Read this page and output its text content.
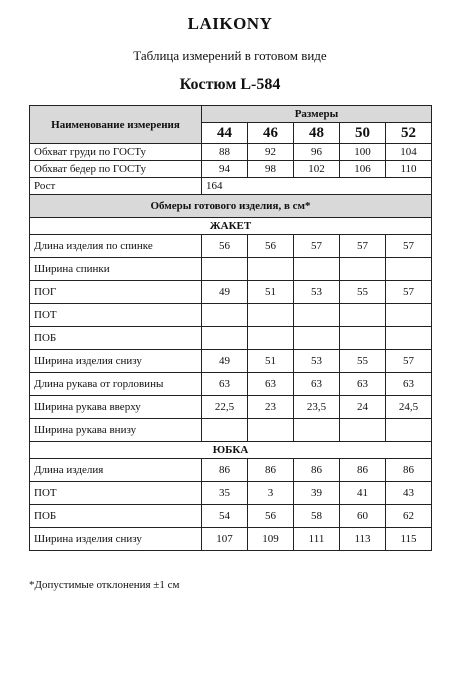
LAIKONY
Таблица измерений в готовом виде
Костюм L-584
Наименование измерения	Размеры				
	44	46	48	50	52
Обхват груди по ГОСТу	88	92	96	100	104
Обхват бедер по ГОСТу	94	98	102	106	110
Рост	164				
Обмеры готового изделия, в см*					
ЖАКЕТ					
Длина изделия по спинке	56	56	57	57	57
Ширина спинки					
ПОГ	49	51	53	55	57
ПОТ					
ПОБ					
Ширина изделия снизу	49	51	53	55	57
Длина рукава от горловины	63	63	63	63	63
Ширина рукава вверху	22,5	23	23,5	24	24,5
Ширина рукава внизу					
ЮБКА					
Длина изделия	86	86	86	86	86
ПОТ	35	3	39	41	43
ПОБ	54	56	58	60	62
Ширина изделия снизу	107	109	111	113	115
*Допустимые отклонения ±1 см
